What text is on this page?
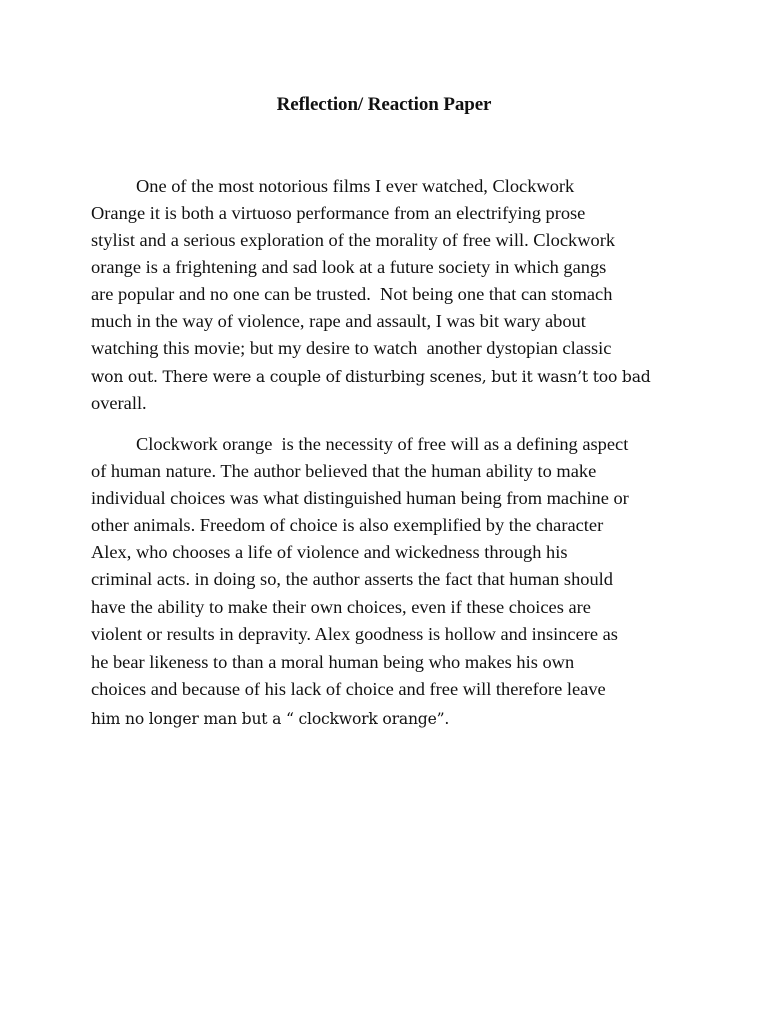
Reflection/ Reaction Paper
One of the most notorious films I ever watched, Clockwork
Orange it is both a virtuoso performance from an electrifying prose
stylist and a serious exploration of the morality of free will. Clockwork
orange is a frightening and sad look at a future society in which gangs
are popular and no one can be trusted.  Not being one that can stomach
much in the way of violence, rape and assault, I was bit wary about
watching this movie; but my desire to watch  another dystopian classic
won out. There were a couple of disturbing scenes, but it wasn’t too bad
overall.
Clockwork orange  is the necessity of free will as a defining aspect
of human nature. The author believed that the human ability to make
individual choices was what distinguished human being from machine or
other animals. Freedom of choice is also exemplified by the character
Alex, who chooses a life of violence and wickedness through his
criminal acts. in doing so, the author asserts the fact that human should
have the ability to make their own choices, even if these choices are
violent or results in depravity. Alex goodness is hollow and insincere as
he bear likeness to than a moral human being who makes his own
choices and because of his lack of choice and free will therefore leave
him no longer man but a “ clockwork orange”.
